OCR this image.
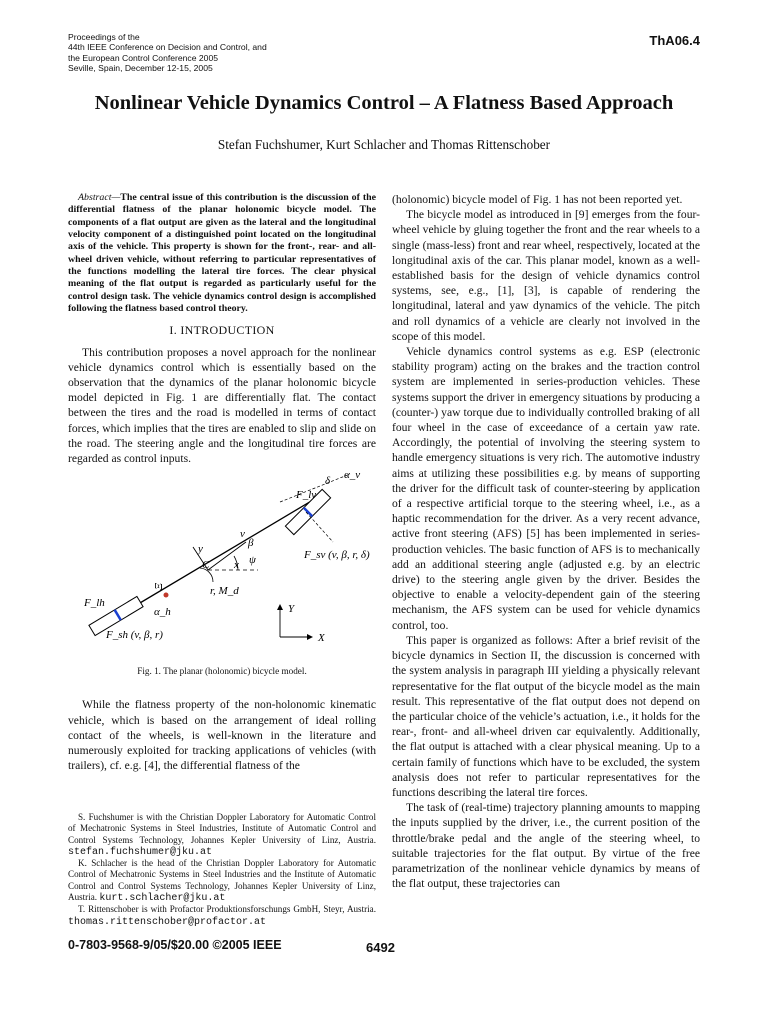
Proceedings of the
44th IEEE Conference on Decision and Control, and
the European Control Conference 2005
Seville, Spain, December 12-15, 2005
ThA06.4
Nonlinear Vehicle Dynamics Control – A Flatness Based Approach
Stefan Fuchshumer, Kurt Schlacher and Thomas Rittenschober

Abstract—The central issue of this contribution is the discussion of the differential flatness of the planar holonomic bicycle model. The components of a flat output are given as the lateral and the longitudinal velocity component of a distinguished point located on the longitudinal axis of the vehicle. This property is shown for the front-, rear- and all-wheel driven vehicle, without referring to particular representatives of the functions modelling the lateral tire forces. The clear physical meaning of the flat output is regarded as particularly useful for the control design task. The vehicle dynamics control design is accomplished following the flatness based control theory.

I. INTRODUCTION

This contribution proposes a novel approach for the nonlinear vehicle dynamics control which is essentially based on the observation that the dynamics of the planar holonomic bicycle model depicted in Fig. 1 are differentially flat. The contact between the tires and the road is modelled in terms of contact forces, which implies that the tires are enabled to slip and slide on the road. The steering angle and the longitudinal tire forces are regarded as control inputs.

F_lv
δ α_v
v
β
y
C x ψ	F_sv (v, β, r, δ)
r, M_d
Ξ
F_lh
α_h
F_sh (v, β, r)
Y
X
Fig. 1. The planar (holonomic) bicycle model.

While the flatness property of the non-holonomic kinematic vehicle, which is based on the arrangement of ideal rolling contact of the wheels, is well-known in the literature and numerously exploited for tracking applications of vehicles (with trailers), cf. e.g. [4], the differential flatness of the

S. Fuchshumer is with the Christian Doppler Laboratory for Automatic Control of Mechatronic Systems in Steel Industries, Institute of Automatic Control and Control Systems Technology, Johannes Kepler University of Linz, Austria. stefan.fuchshumer@jku.at

K. Schlacher is the head of the Christian Doppler Laboratory for Automatic Control of Mechatronic Systems in Steel Industries and the Institute of Automatic Control and Control Systems Technology, Johannes Kepler University of Linz, Austria. kurt.schlacher@jku.at

T. Rittenschober is with Profactor Produktionsforschungs GmbH, Steyr, Austria. thomas.rittenschober@profactor.at

(holonomic) bicycle model of Fig. 1 has not been reported yet.

The bicycle model as introduced in [9] emerges from the four-wheel vehicle by gluing together the front and the rear wheels to a single (mass-less) front and rear wheel, respectively, located at the longitudinal axis of the car. This planar model, known as a well-established basis for the design of vehicle dynamics control systems, see, e.g., [1], [3], is capable of rendering the longitudinal, lateral and yaw dynamics of the vehicle. The pitch and roll dynamics of a vehicle are clearly not involved in the scope of this model.

Vehicle dynamics control systems as e.g. ESP (electronic stability program) acting on the brakes and the traction control system are implemented in series-production vehicles. These systems support the driver in emergency situations by producing a (counter-) yaw torque due to individually controlled braking of all four wheel in the case of exceedance of a certain yaw rate. Accordingly, the potential of involving the steering system to handle emergency situations is very rich. The automotive industry aims at utilizing these possibilities e.g. by means of supporting the driver for the difficult task of counter-steering by application of a respective artificial torque to the steering wheel, i.e., as a haptic recommendation for the driver. As a very recent advance, active front steering (AFS) [5] has been implemented in series-production vehicles. The basic function of AFS is to mechanically add an additional steering angle (adjusted e.g. by an electric drive) to the steering angle given by the driver. Besides the objective to enable a velocity-dependent gain of the steering mechanism, the AFS system can be used for vehicle dynamics control, too.

This paper is organized as follows: After a brief revisit of the bicycle dynamics in Section II, the discussion is concerned with the system analysis in paragraph III yielding a physically relevant representative for the flat output of the bicycle model as the main result. This representative of the flat output does not depend on the particular choice of the vehicle’s actuation, i.e., it holds for the rear-, front- and all-wheel driven car equivalently. Additionally, the flat output is attached with a clear physical meaning. Up to a certain family of functions which have to be excluded, the system analysis does not refer to particular representatives for the functions describing the lateral tire forces.

The task of (real-time) trajectory planning amounts to mapping the inputs supplied by the driver, i.e., the current position of the throttle/brake pedal and the angle of the steering wheel, to suitable trajectories for the flat output. By virtue of the free parametrization of the nonlinear vehicle dynamics by means of the flat output, these trajectories can

0-7803-9568-9/05/$20.00 ©2005 IEEE	6492
